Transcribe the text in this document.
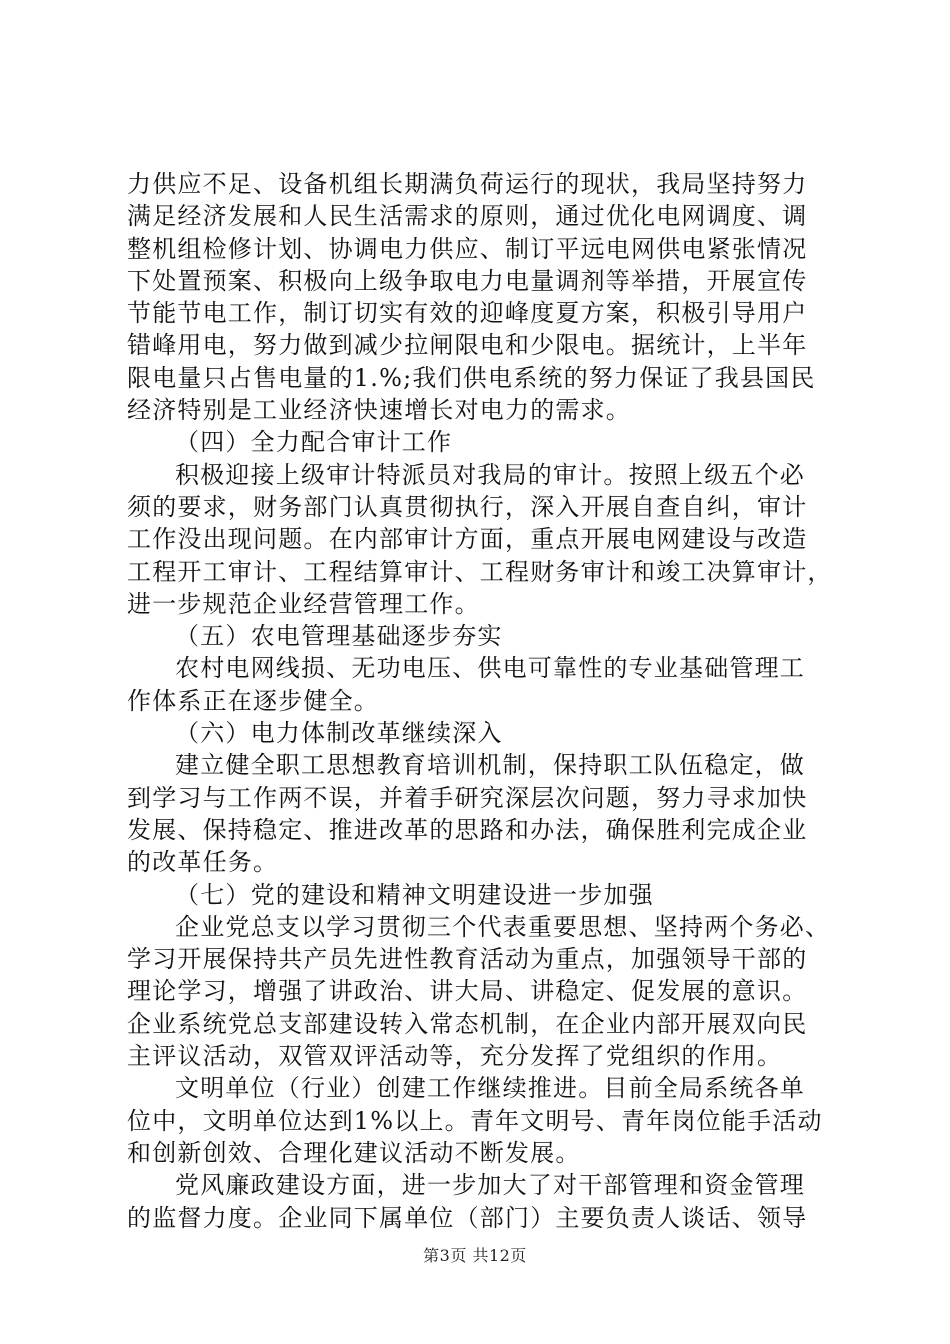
力供应不足、设备机组长期满负荷运行的现状，我局坚持努力
满足经济发展和人民生活需求的原则，通过优化电网调度、调
整机组检修计划、协调电力供应、制订平远电网供电紧张情况
下处置预案、积极向上级争取电力电量调剂等举措，开展宣传
节能节电工作，制订切实有效的迎峰度夏方案，积极引导用户
错峰用电，努力做到减少拉闸限电和少限电。据统计，上半年
限电量只占售电量的1.%;我们供电系统的努力保证了我县国民
经济特别是工业经济快速增长对电力的需求。
（四）全力配合审计工作
积极迎接上级审计特派员对我局的审计。按照上级五个必
须的要求，财务部门认真贯彻执行，深入开展自查自纠，审计
工作没出现问题。在内部审计方面，重点开展电网建设与改造
工程开工审计、工程结算审计、工程财务审计和竣工决算审计，
进一步规范企业经营管理工作。
（五）农电管理基础逐步夯实
农村电网线损、无功电压、供电可靠性的专业基础管理工
作体系正在逐步健全。
（六）电力体制改革继续深入
建立健全职工思想教育培训机制，保持职工队伍稳定，做
到学习与工作两不误，并着手研究深层次问题，努力寻求加快
发展、保持稳定、推进改革的思路和办法，确保胜利完成企业
的改革任务。
（七）党的建设和精神文明建设进一步加强
企业党总支以学习贯彻三个代表重要思想、坚持两个务必、
学习开展保持共产员先进性教育活动为重点，加强领导干部的
理论学习，增强了讲政治、讲大局、讲稳定、促发展的意识。
企业系统党总支部建设转入常态机制，在企业内部开展双向民
主评议活动，双管双评活动等，充分发挥了党组织的作用。
文明单位（行业）创建工作继续推进。目前全局系统各单
位中，文明单位达到1%以上。青年文明号、青年岗位能手活动
和创新创效、合理化建议活动不断发展。
党风廉政建设方面，进一步加大了对干部管理和资金管理
的监督力度。企业同下属单位（部门）主要负责人谈话、领导
第3页 共12页
